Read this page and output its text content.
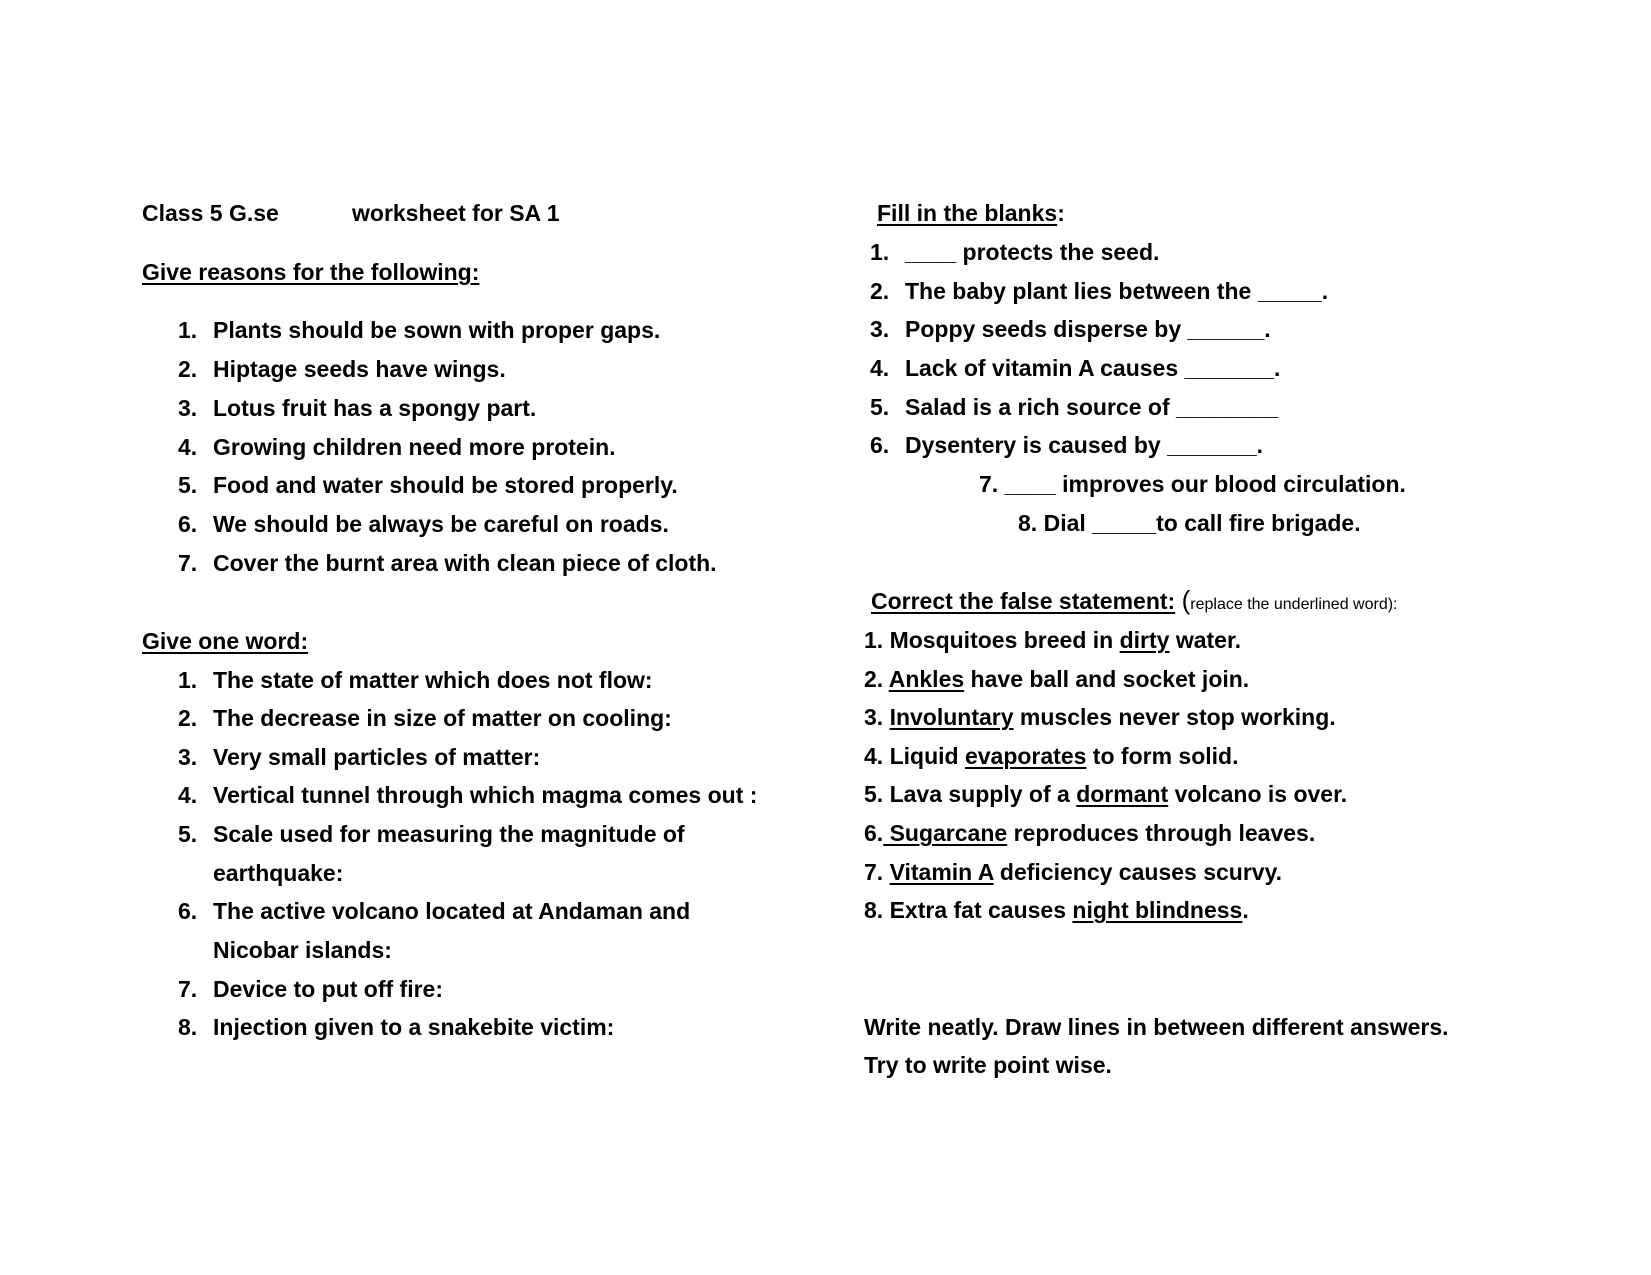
Class 5 G.se	worksheet for SA 1
Give reasons for the following:
1. Plants should be sown with proper gaps.
2. Hiptage seeds have wings.
3. Lotus fruit has a spongy part.
4. Growing children need more protein.
5. Food and water should be stored properly.
6. We should be always be careful on roads.
7. Cover the burnt area with clean piece of cloth.
Give one word:
1. The state of matter which does not flow:
2. The decrease in size of matter on cooling:
3. Very small particles of matter:
4. Vertical tunnel through which magma comes out :
5. Scale used for measuring the magnitude of
earthquake:
6. The active volcano located at Andaman and
Nicobar islands:
7. Device to put off fire:
8. Injection given to a snakebite victim:
Fill in the blanks:
1. ____ protects the seed.
2. The baby plant lies between the _____.
3. Poppy seeds disperse by ______.
4. Lack of vitamin A causes _______.
5. Salad is a rich source of ________
6. Dysentery is caused by _______.
7. ____ improves our blood circulation.
8. Dial _____to call fire brigade.
Correct the false statement: (replace the underlined word):
1. Mosquitoes breed in dirty water.
2. Ankles have ball and socket join.
3. Involuntary muscles never stop working.
4. Liquid evaporates to form solid.
5. Lava supply of a dormant volcano is over.
6. Sugarcane reproduces through leaves.
7. Vitamin A deficiency causes scurvy.
8. Extra fat causes night blindness.
Write neatly. Draw lines in between different answers.
Try to write point wise.
